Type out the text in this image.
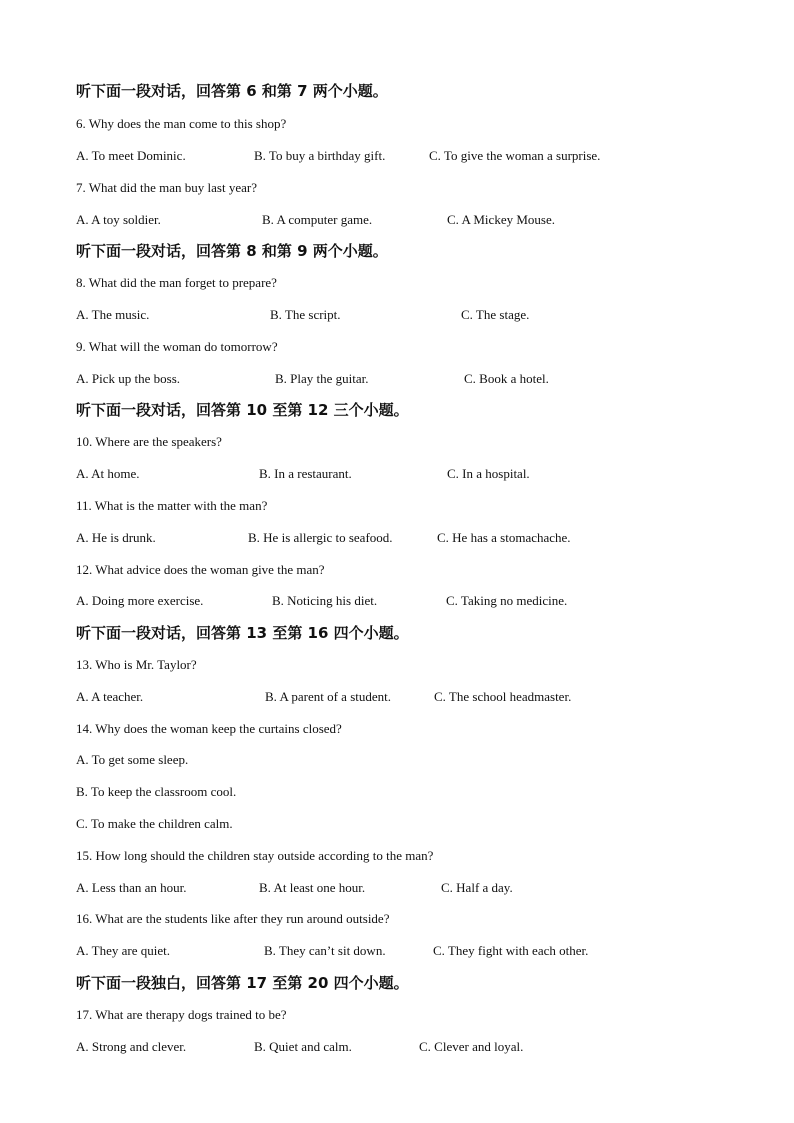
听下面一段对话，回答第 6 和第 7 两个小题。
6. Why does the man come to this shop?
A. To meet Dominic.	B. To buy a birthday gift.	C. To give the woman a surprise.
7. What did the man buy last year?
A. A toy soldier.	B. A computer game.	C. A Mickey Mouse.
听下面一段对话，回答第 8 和第 9 两个小题。
8. What did the man forget to prepare?
A. The music.	B. The script.	C. The stage.
9. What will the woman do tomorrow?
A. Pick up the boss.	B. Play the guitar.	C. Book a hotel.
听下面一段对话，回答第 10 至第 12 三个小题。
10. Where are the speakers?
A. At home.	B. In a restaurant.	C. In a hospital.
11. What is the matter with the man?
A. He is drunk.	B. He is allergic to seafood.	C. He has a stomachache.
12. What advice does the woman give the man?
A. Doing more exercise.	B. Noticing his diet.	C. Taking no medicine.
听下面一段对话，回答第 13 至第 16 四个小题。
13. Who is Mr. Taylor?
A. A teacher.	B. A parent of a student.	C. The school headmaster.
14. Why does the woman keep the curtains closed?
A. To get some sleep.
B. To keep the classroom cool.
C. To make the children calm.
15. How long should the children stay outside according to the man?
A. Less than an hour.	B. At least one hour.	C. Half a day.
16. What are the students like after they run around outside?
A. They are quiet.	B. They can’t sit down.	C. They fight with each other.
听下面一段独白，回答第 17 至第 20 四个小题。
17. What are therapy dogs trained to be?
A. Strong and clever.	B. Quiet and calm.	C. Clever and loyal.
